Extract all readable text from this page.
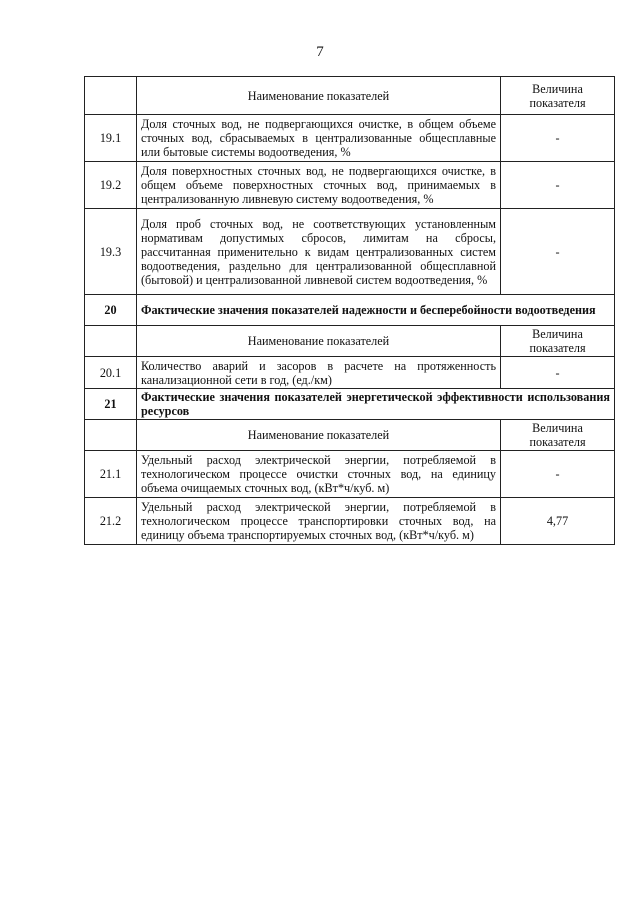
7
	Наименование показателей	Величина показателя
19.1	Доля сточных вод, не подвергающихся очистке, в общем объеме сточных вод, сбрасываемых в централизованные общесплавные или бытовые системы водоотведения, %	-
19.2	Доля поверхностных сточных вод, не подвергающихся очистке, в общем объеме поверхностных сточных вод, принимаемых в централизованную ливневую систему водоотведения, %	-
19.3	Доля проб сточных вод, не соответствующих установленным нормативам допустимых сбросов, лимитам на сбросы, рассчитанная применительно к видам централизованных систем водоотведения, раздельно для централизованной общесплавной (бытовой) и централизованной ливневой систем водоотведения, %	-
20	Фактические значения показателей надежности и бесперебойности водоотведения	
	Наименование показателей	Величина показателя
20.1	Количество аварий и засоров в расчете на протяженность канализационной сети в год, (ед./км)	-
21	Фактические значения показателей энергетической эффективности использования ресурсов	
	Наименование показателей	Величина показателя
21.1	Удельный расход электрической энергии, потребляемой в технологическом процессе очистки сточных вод, на единицу объема очищаемых сточных вод, (кВт*ч/куб. м)	-
21.2	Удельный расход электрической энергии, потребляемой в технологическом процессе транспортировки сточных вод, на единицу объема транспортируемых сточных вод, (кВт*ч/куб. м)	4,77
